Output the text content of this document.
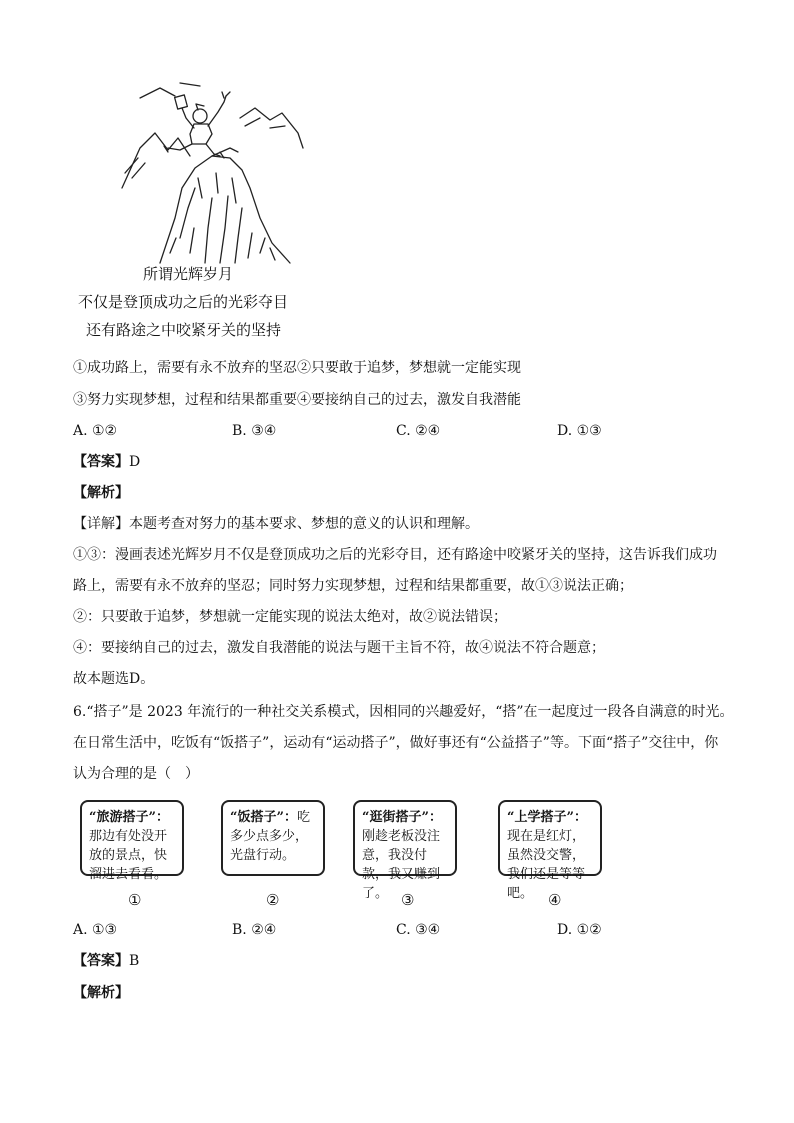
所谓光辉岁月
不仅是登顶成功之后的光彩夺目
还有路途之中咬紧牙关的坚持
①成功路上，需要有永不放弃的坚忍②只要敢于追梦，梦想就一定能实现
③努力实现梦想，过程和结果都重要④要接纳自己的过去，激发自我潜能
A. ①②	B. ③④	C. ②④	D. ①③
【答案】D
【解析】
【详解】本题考查对努力的基本要求、梦想的意义的认识和理解。
①③：漫画表述光辉岁月不仅是登顶成功之后的光彩夺目，还有路途中咬紧牙关的坚持，这告诉我们成功
路上，需要有永不放弃的坚忍；同时努力实现梦想，过程和结果都重要，故①③说法正确；
②：只要敢于追梦，梦想就一定能实现的说法太绝对，故②说法错误；
④：要接纳自己的过去，激发自我潜能的说法与题干主旨不符，故④说法不符合题意；
故本题选D。
6.“搭子”是 2023 年流行的一种社交关系模式，因相同的兴趣爱好，“搭”在一起度过一段各自满意的时光。
在日常生活中，吃饭有“饭搭子”，运动有“运动搭子”，做好事还有“公益搭子”等。下面“搭子”交往中，你
认为合理的是（　）
“旅游搭子”：那边有处没开放的景点，快溜进去看看。
“饭搭子”：吃多少点多少，光盘行动。
“逛街搭子”：刚趁老板没注意，我没付款，我又赚到了。
“上学搭子”：现在是红灯，虽然没交警，我们还是等等吧。
①	②	③	④
A. ①③	B. ②④	C. ③④	D. ①②
【答案】B
【解析】
